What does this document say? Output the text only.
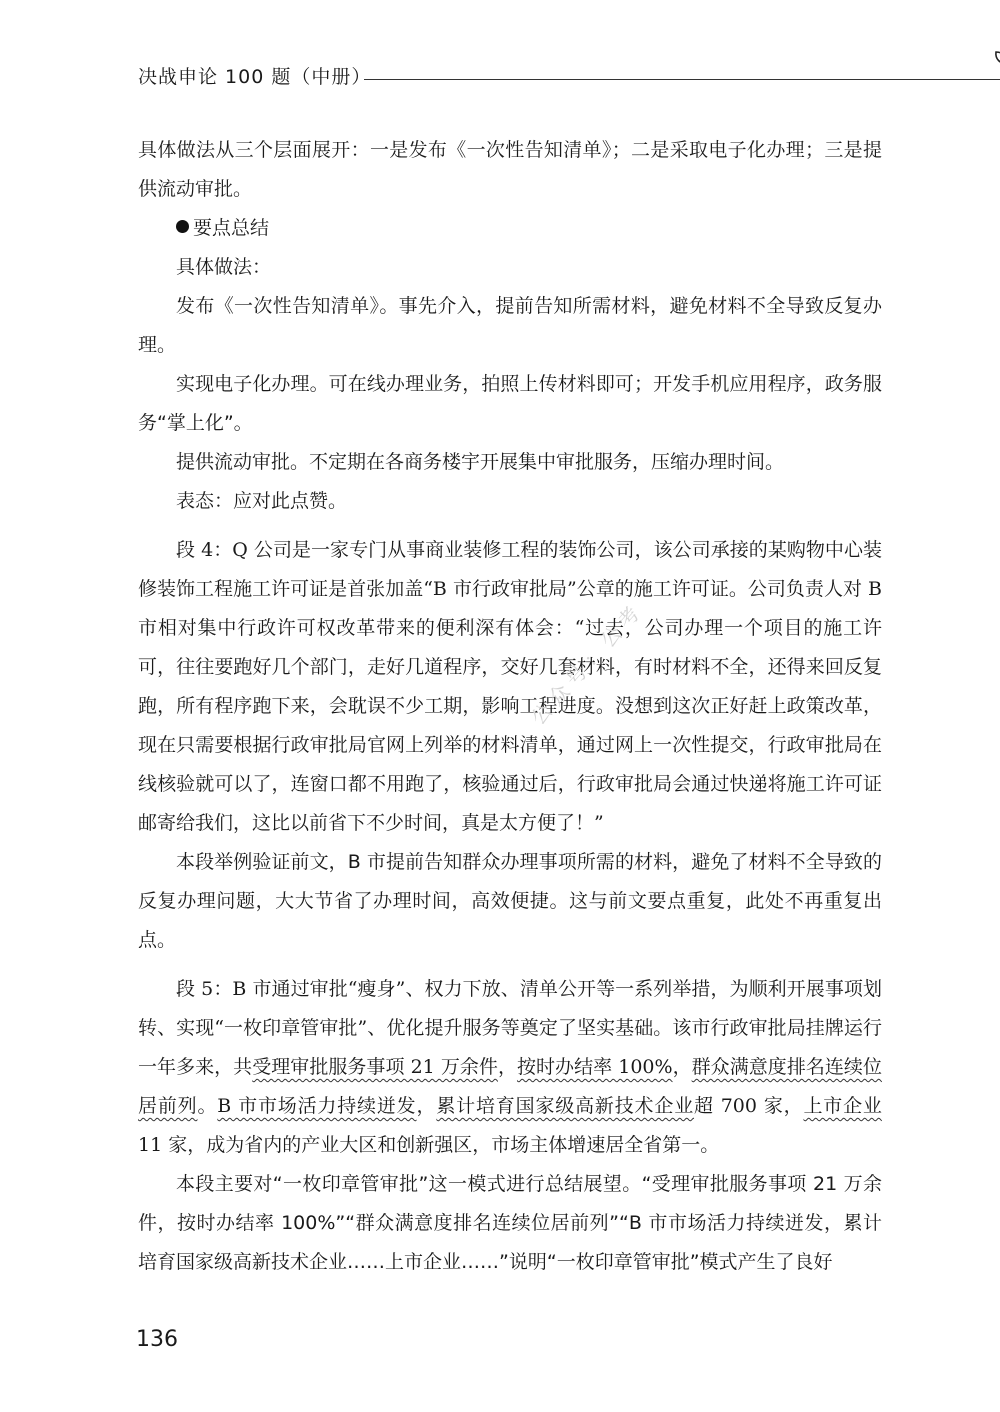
决战申论 100 题（中册）

具体做法从三个层面展开：一是发布《一次性告知清单》；二是采取电子化办理；三是提供流动审批。

要点总结

具体做法：

发布《一次性告知清单》。事先介入，提前告知所需材料，避免材料不全导致反复办理。

实现电子化办理。可在线办理业务，拍照上传材料即可；开发手机应用程序，政务服务“掌上化”。

提供流动审批。不定期在各商务楼宇开展集中审批服务，压缩办理时间。

表态：应对此点赞。

段 4：Q 公司是一家专门从事商业装修工程的装饰公司，该公司承接的某购物中心装修装饰工程施工许可证是首张加盖“B 市行政审批局”公章的施工许可证。公司负责人对 B 市相对集中行政许可权改革带来的便利深有体会：“过去，公司办理一个项目的施工许可，往往要跑好几个部门，走好几道程序，交好几套材料，有时材料不全，还得来回反复跑，所有程序跑下来，会耽误不少工期，影响工程进度。没想到这次正好赶上政策改革，现在只需要根据行政审批局官网上列举的材料清单，通过网上一次性提交，行政审批局在线核验就可以了，连窗口都不用跑了，核验通过后，行政审批局会通过快递将施工许可证邮寄给我们，这比以前省下不少时间，真是太方便了！”

本段举例验证前文，B 市提前告知群众办理事项所需的材料，避免了材料不全导致的反复办理问题，大大节省了办理时间，高效便捷。这与前文要点重复，此处不再重复出点。

段 5：B 市通过审批“瘦身”、权力下放、清单公开等一系列举措，为顺利开展事项划转、实现“一枚印章管审批”、优化提升服务等奠定了坚实基础。该市行政审批局挂牌运行一年多来，共受理审批服务事项 21 万余件，按时办结率 100%，群众满意度排名连续位居前列。B 市市场活力持续迸发，累计培育国家级高新技术企业超 700 家，上市企业 11 家，成为省内的产业大区和创新强区，市场主体增速居全省第一。

本段主要对“一枚印章管审批”这一模式进行总结展望。“受理审批服务事项 21 万余件，按时办结率 100%”“群众满意度排名连续位居前列”“B 市市场活力持续迸发，累计培育国家级高新技术企业……上市企业……”说明“一枚印章管审批”模式产生了良好

公众号：公考
136
